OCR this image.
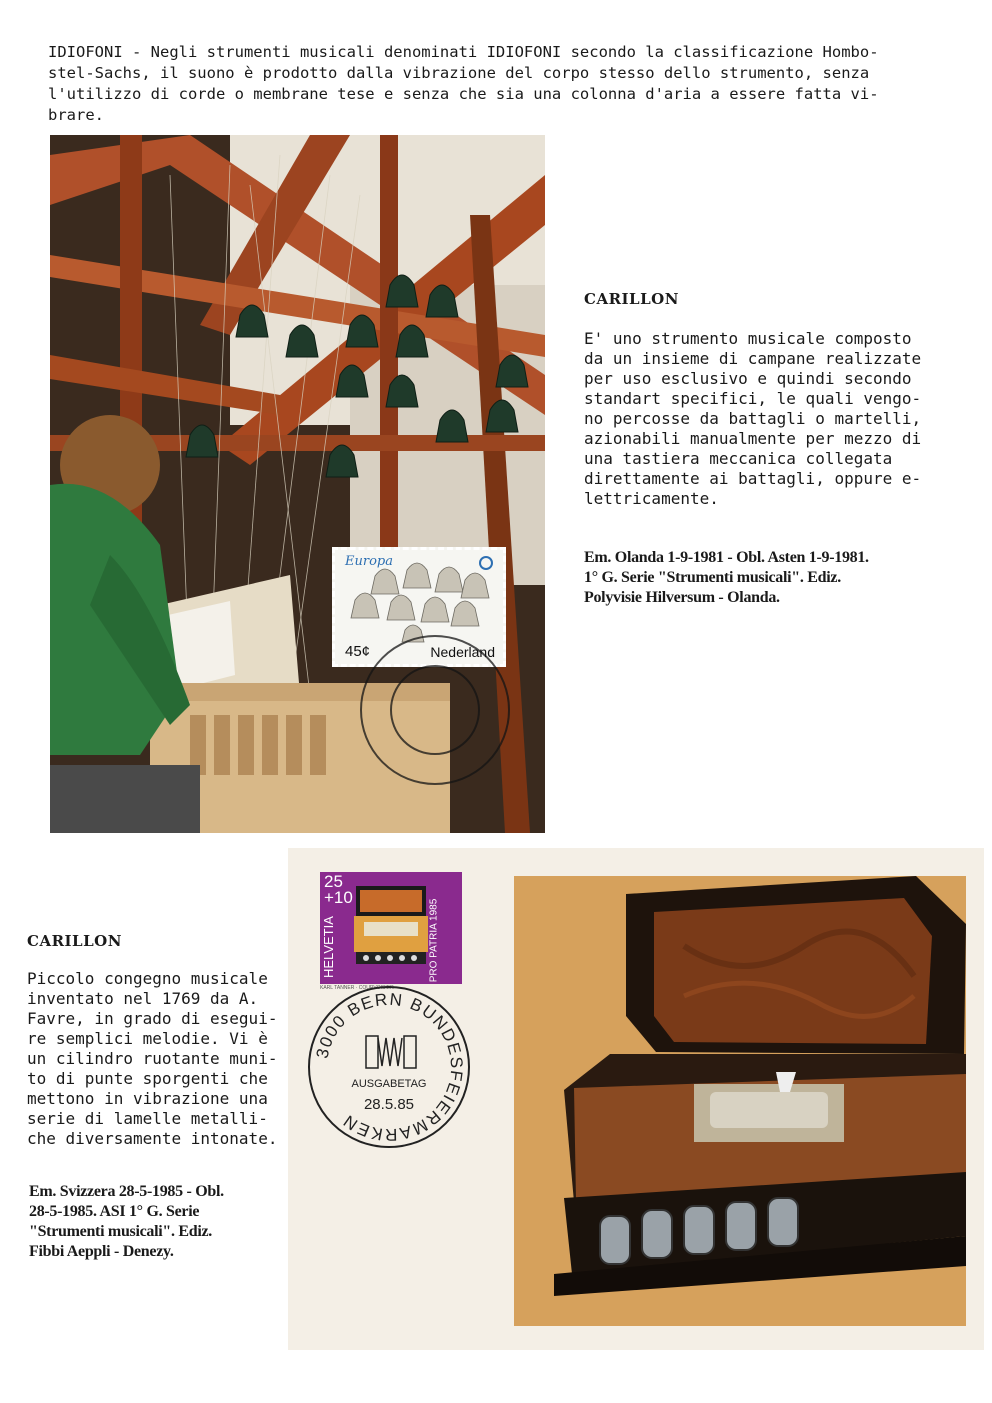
IDIOFONI - Negli strumenti musicali denominati IDIOFONI secondo la classificazione Hombo-
stel-Sachs, il suono è prodotto dalla vibrazione del corpo stesso dello strumento, senza
l'utilizzo di corde o membrane tese e senza che sia una colonna d'aria a essere fatta vi-
brare.

Europa
45¢	Nederland
CARILLON

E' uno strumento musicale composto
da un insieme di campane realizzate
per uso esclusivo e quindi secondo
standart specifici, le quali vengo-
no percosse da battagli o martelli,
azionabili manualmente per mezzo di
una tastiera meccanica collegata
direttamente ai battagli, oppure e-
lettricamente.

Em. Olanda 1-9-1981 - Obl. Asten 1-9-1981.
1° G. Serie "Strumenti musicali". Ediz.
Polyvisie Hilversum - Olanda.

CARILLON

Piccolo congegno musicale
inventato nel 1769 da A.
Favre, in grado di esegui-
re semplici melodie. Vi è
un cilindro ruotante muni-
to di punte sporgenti che
mettono in vibrazione una
serie di lamelle metalli-
che diversamente intonate.

Em. Svizzera 28-5-1985 - Obl.
28-5-1985. ASI 1° G. Serie
"Strumenti musicali". Ediz.
Fibbi Aeppli - Denezy.

25
+10
HELVETIA	PRO PATRIA 1985
KARL TANNER · COURVOISIER
3000 BERN BUNDESFEIERMARKEN
AUSGABETAG
28.5.85
